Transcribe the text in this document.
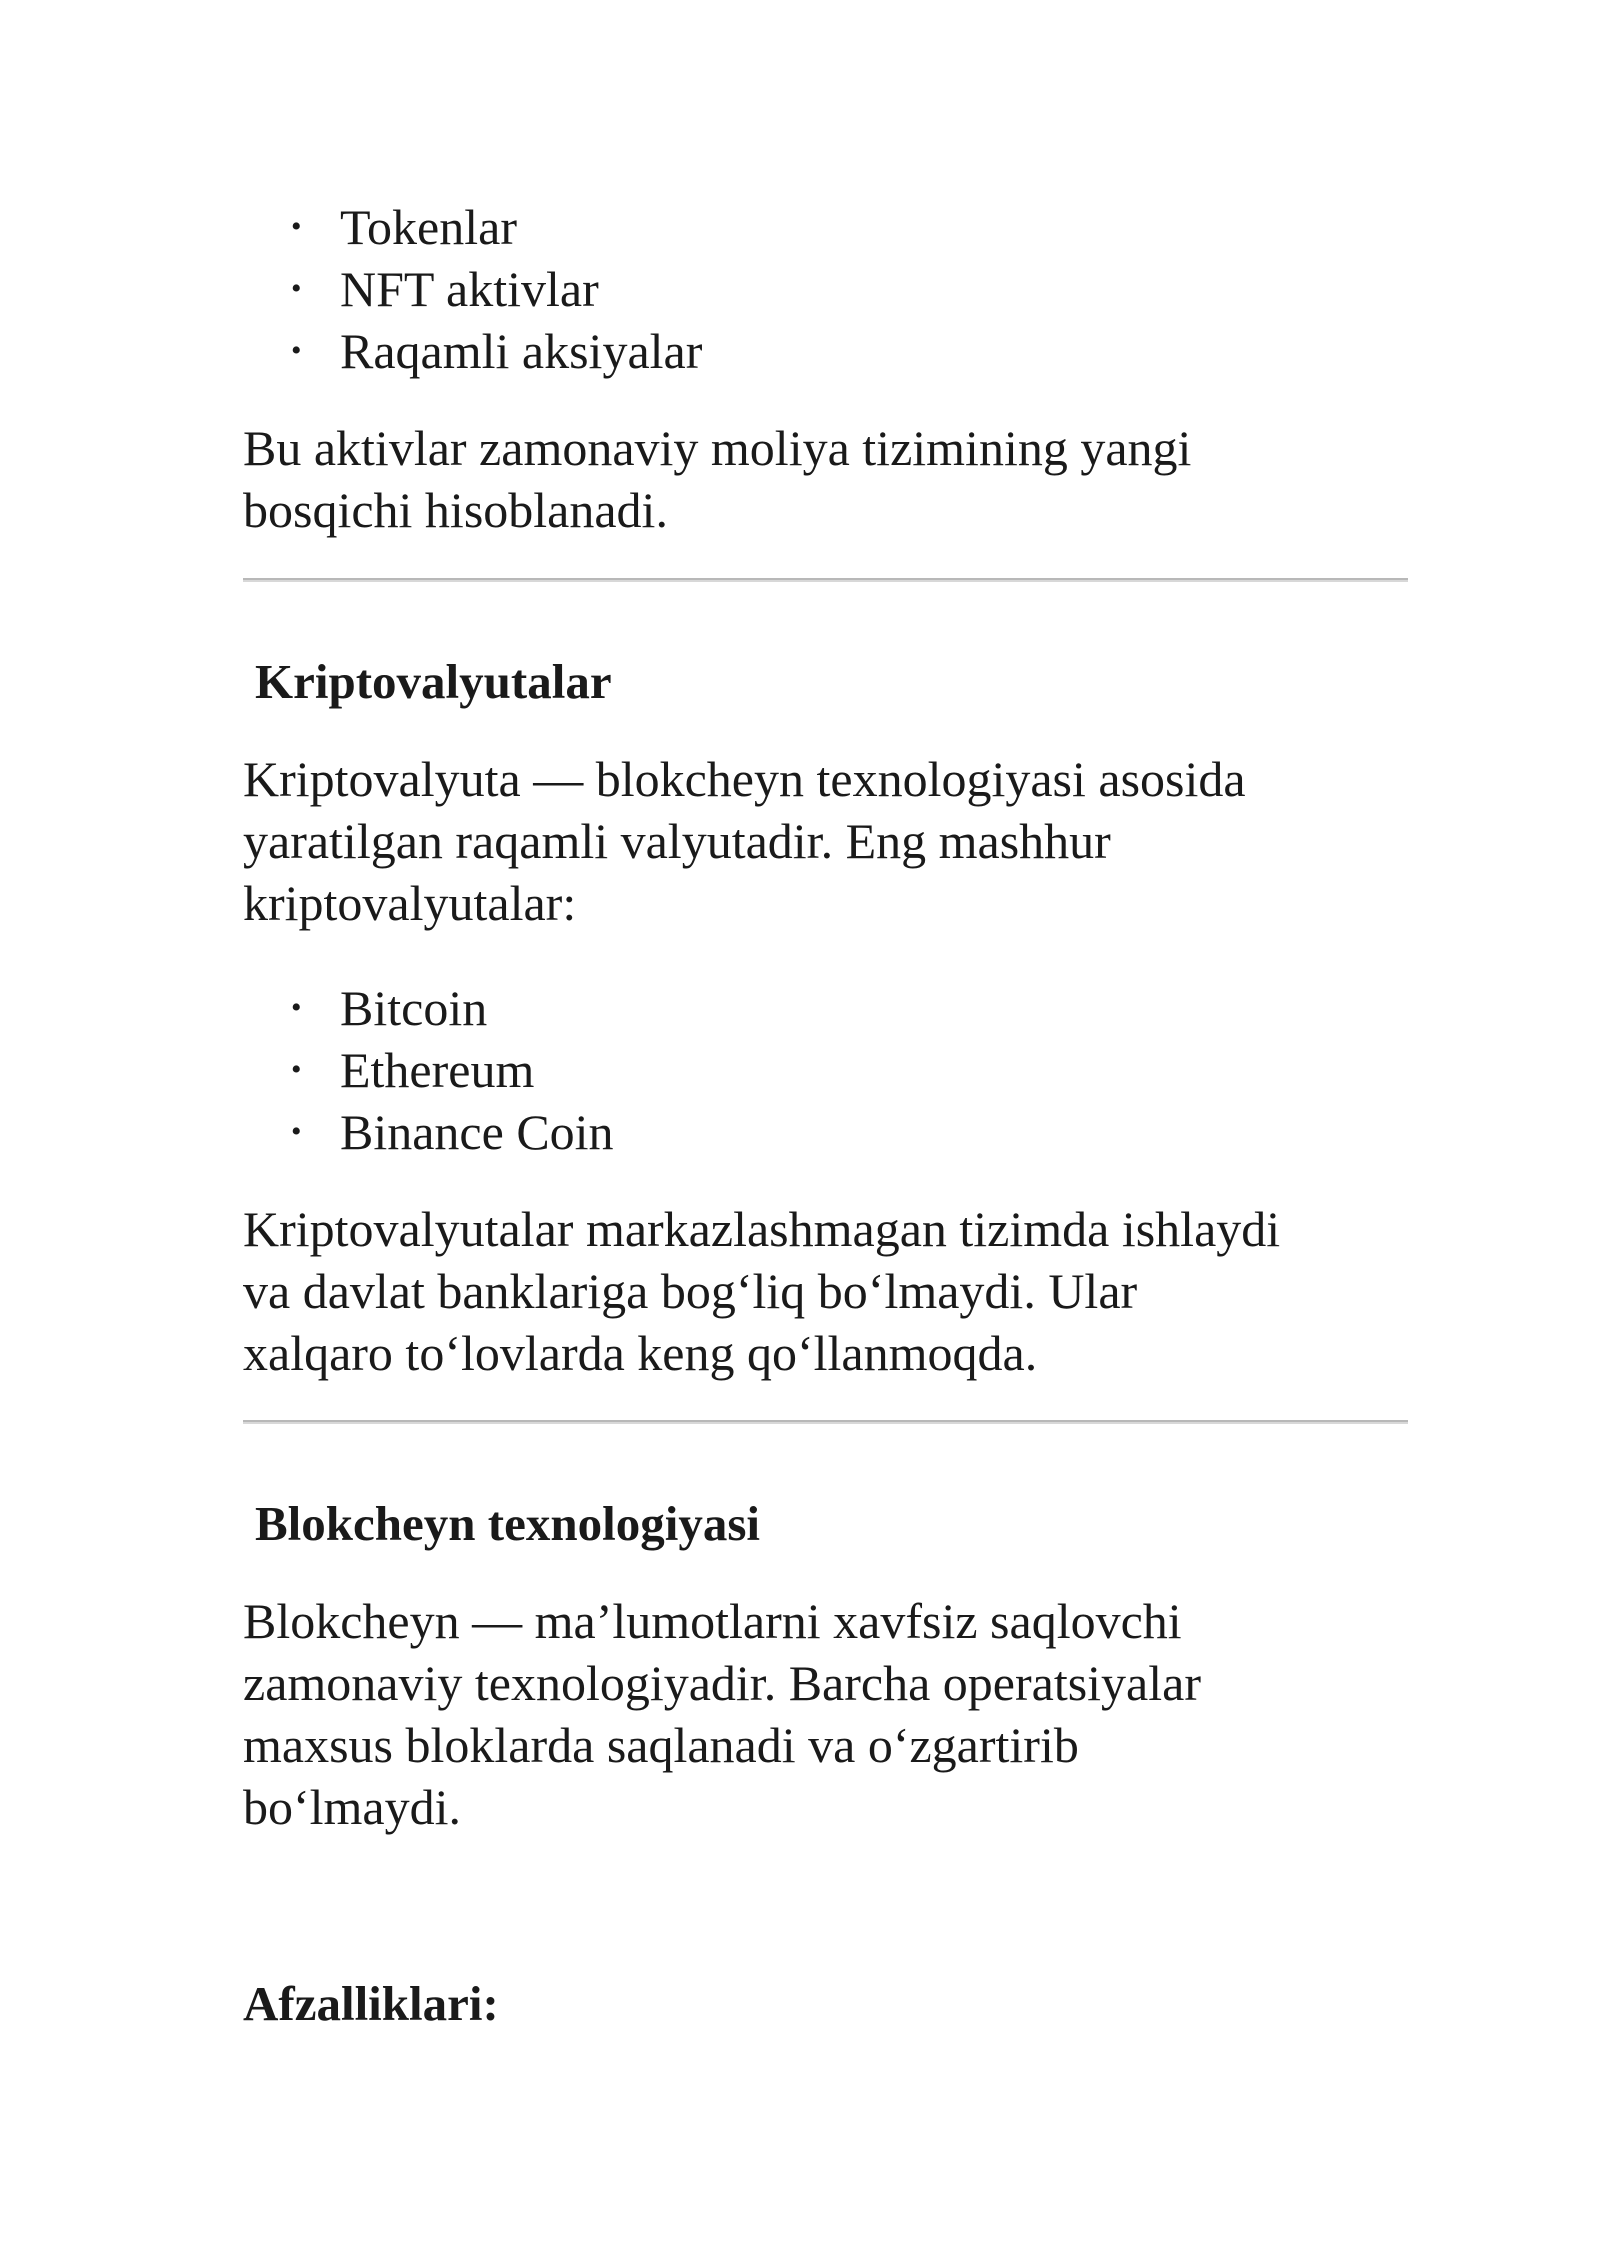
• Tokenlar
• NFT aktivlar
• Raqamli aksiyalar

Bu aktivlar zamonaviy moliya tizimining yangi
bosqichi hisoblanadi.

Kriptovalyutalar

Kriptovalyuta — blokcheyn texnologiyasi asosida
yaratilgan raqamli valyutadir. Eng mashhur
kriptovalyutalar:

• Bitcoin
• Ethereum
• Binance Coin

Kriptovalyutalar markazlashmagan tizimda ishlaydi
va davlat banklariga bog‘liq bo‘lmaydi. Ular
xalqaro to‘lovlarda keng qo‘llanmoqda.

Blokcheyn texnologiyasi

Blokcheyn — ma’lumotlarni xavfsiz saqlovchi
zamonaviy texnologiyadir. Barcha operatsiyalar
maxsus bloklarda saqlanadi va o‘zgartirib
bo‘lmaydi.

Afzalliklari:
